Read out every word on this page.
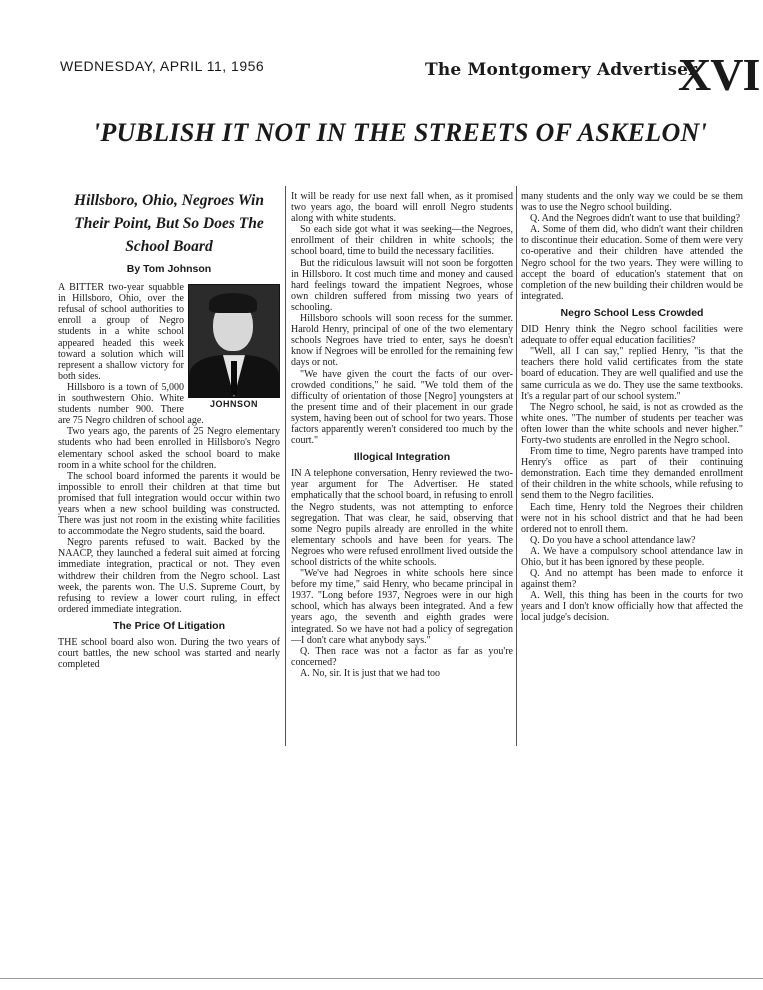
WEDNESDAY, APRIL 11, 1956	The Montgomery Advertiser
XVI
'PUBLISH IT NOT IN THE STREETS OF ASKELON'
Hillsboro, Ohio, Negroes Win Their Point, But So Does The School Board
By Tom Johnson
JOHNSON

A BITTER two-year squabble in Hillsboro, Ohio, over the refusal of school authorities to enroll a group of Negro students in a white school appeared headed this week toward a solution which will represent a shallow victory for both sides.

Hillsboro is a town of 5,000 in southwestern Ohio. White students number 900. There are 75 Negro children of school age.

Two years ago, the parents of 25 Negro elementary students who had been enrolled in Hillsboro's Negro elementary school asked the school board to make room in a white school for the children.

The school board informed the parents it would be impossible to enroll their children at that time but promised that full integration would occur within two years when a new school building was constructed. There was just not room in the existing white facilities to accommodate the Negro students, said the board.

Negro parents refused to wait. Backed by the NAACP, they launched a federal suit aimed at forcing immediate integration, practical or not. They even withdrew their children from the Negro school. Last week, the parents won. The U.S. Supreme Court, by refusing to review a lower court ruling, in effect ordered immediate integration.

The Price Of Litigation

THE school board also won. During the two years of court battles, the new school was started and nearly completed

It will be ready for use next fall when, as it promised two years ago, the board will enroll Negro students along with white students.

So each side got what it was seeking—the Negroes, enrollment of their children in white schools; the school board, time to build the necessary facilities.

But the ridiculous lawsuit will not soon be forgotten in Hillsboro. It cost much time and money and caused hard feelings toward the impatient Negroes, whose own children suffered from missing two years of schooling.

Hillsboro schools will soon recess for the summer. Harold Henry, principal of one of the two elementary schools Negroes have tried to enter, says he doesn't know if Negroes will be enrolled for the remaining few days or not.

"We have given the court the facts of our over-crowded conditions," he said. "We told them of the difficulty of orientation of those [Negro] youngsters at the present time and of their placement in our grade system, having been out of school for two years. Those factors apparently weren't considered too much by the court."

Illogical Integration

IN A telephone conversation, Henry reviewed the two-year argument for The Advertiser. He stated emphatically that the school board, in refusing to enroll the Negro students, was not attempting to enforce segregation. That was clear, he said, observing that some Negro pupils already are enrolled in the white elementary schools and have been for years. The Negroes who were refused enrollment lived outside the school districts of the white schools.

"We've had Negroes in white schools here since before my time," said Henry, who became principal in 1937. "Long before 1937, Negroes were in our high school, which has always been integrated. And a few years ago, the seventh and eighth grades were integrated. So we have not had a policy of segregation—I don't care what anybody says."

Q. Then race was not a factor as far as you're concerned?

A. No, sir. It is just that we had too

many students and the only way we could be se them was to use the Negro school building.

Q. And the Negroes didn't want to use that building?

A. Some of them did, who didn't want their children to discontinue their education. Some of them were very co-operative and their children have attended the Negro school for the two years. They were willing to accept the board of education's statement that on completion of the new building their children would be integrated.

Negro School Less Crowded

DID Henry think the Negro school facilities were adequate to offer equal education facilities?

"Well, all I can say," replied Henry, "is that the teachers there hold valid certificates from the state board of education. They are well qualified and use the same curricula as we do. They use the same textbooks. It's a regular part of our school system."

The Negro school, he said, is not as crowded as the white ones. "The number of students per teacher was often lower than the white schools and never higher." Forty-two students are enrolled in the Negro school.

From time to time, Negro parents have tramped into Henry's office as part of their continuing demonstration. Each time they demanded enrollment of their children in the white schools, while refusing to send them to the Negro facilities.

Each time, Henry told the Negroes their children were not in his school district and that he had been ordered not to enroll them.

Q. Do you have a school attendance law?

A. We have a compulsory school attendance law in Ohio, but it has been ignored by these people.

Q. And no attempt has been made to enforce it against them?

A. Well, this thing has been in the courts for two years and I don't know officially how that affected the local judge's decision.
